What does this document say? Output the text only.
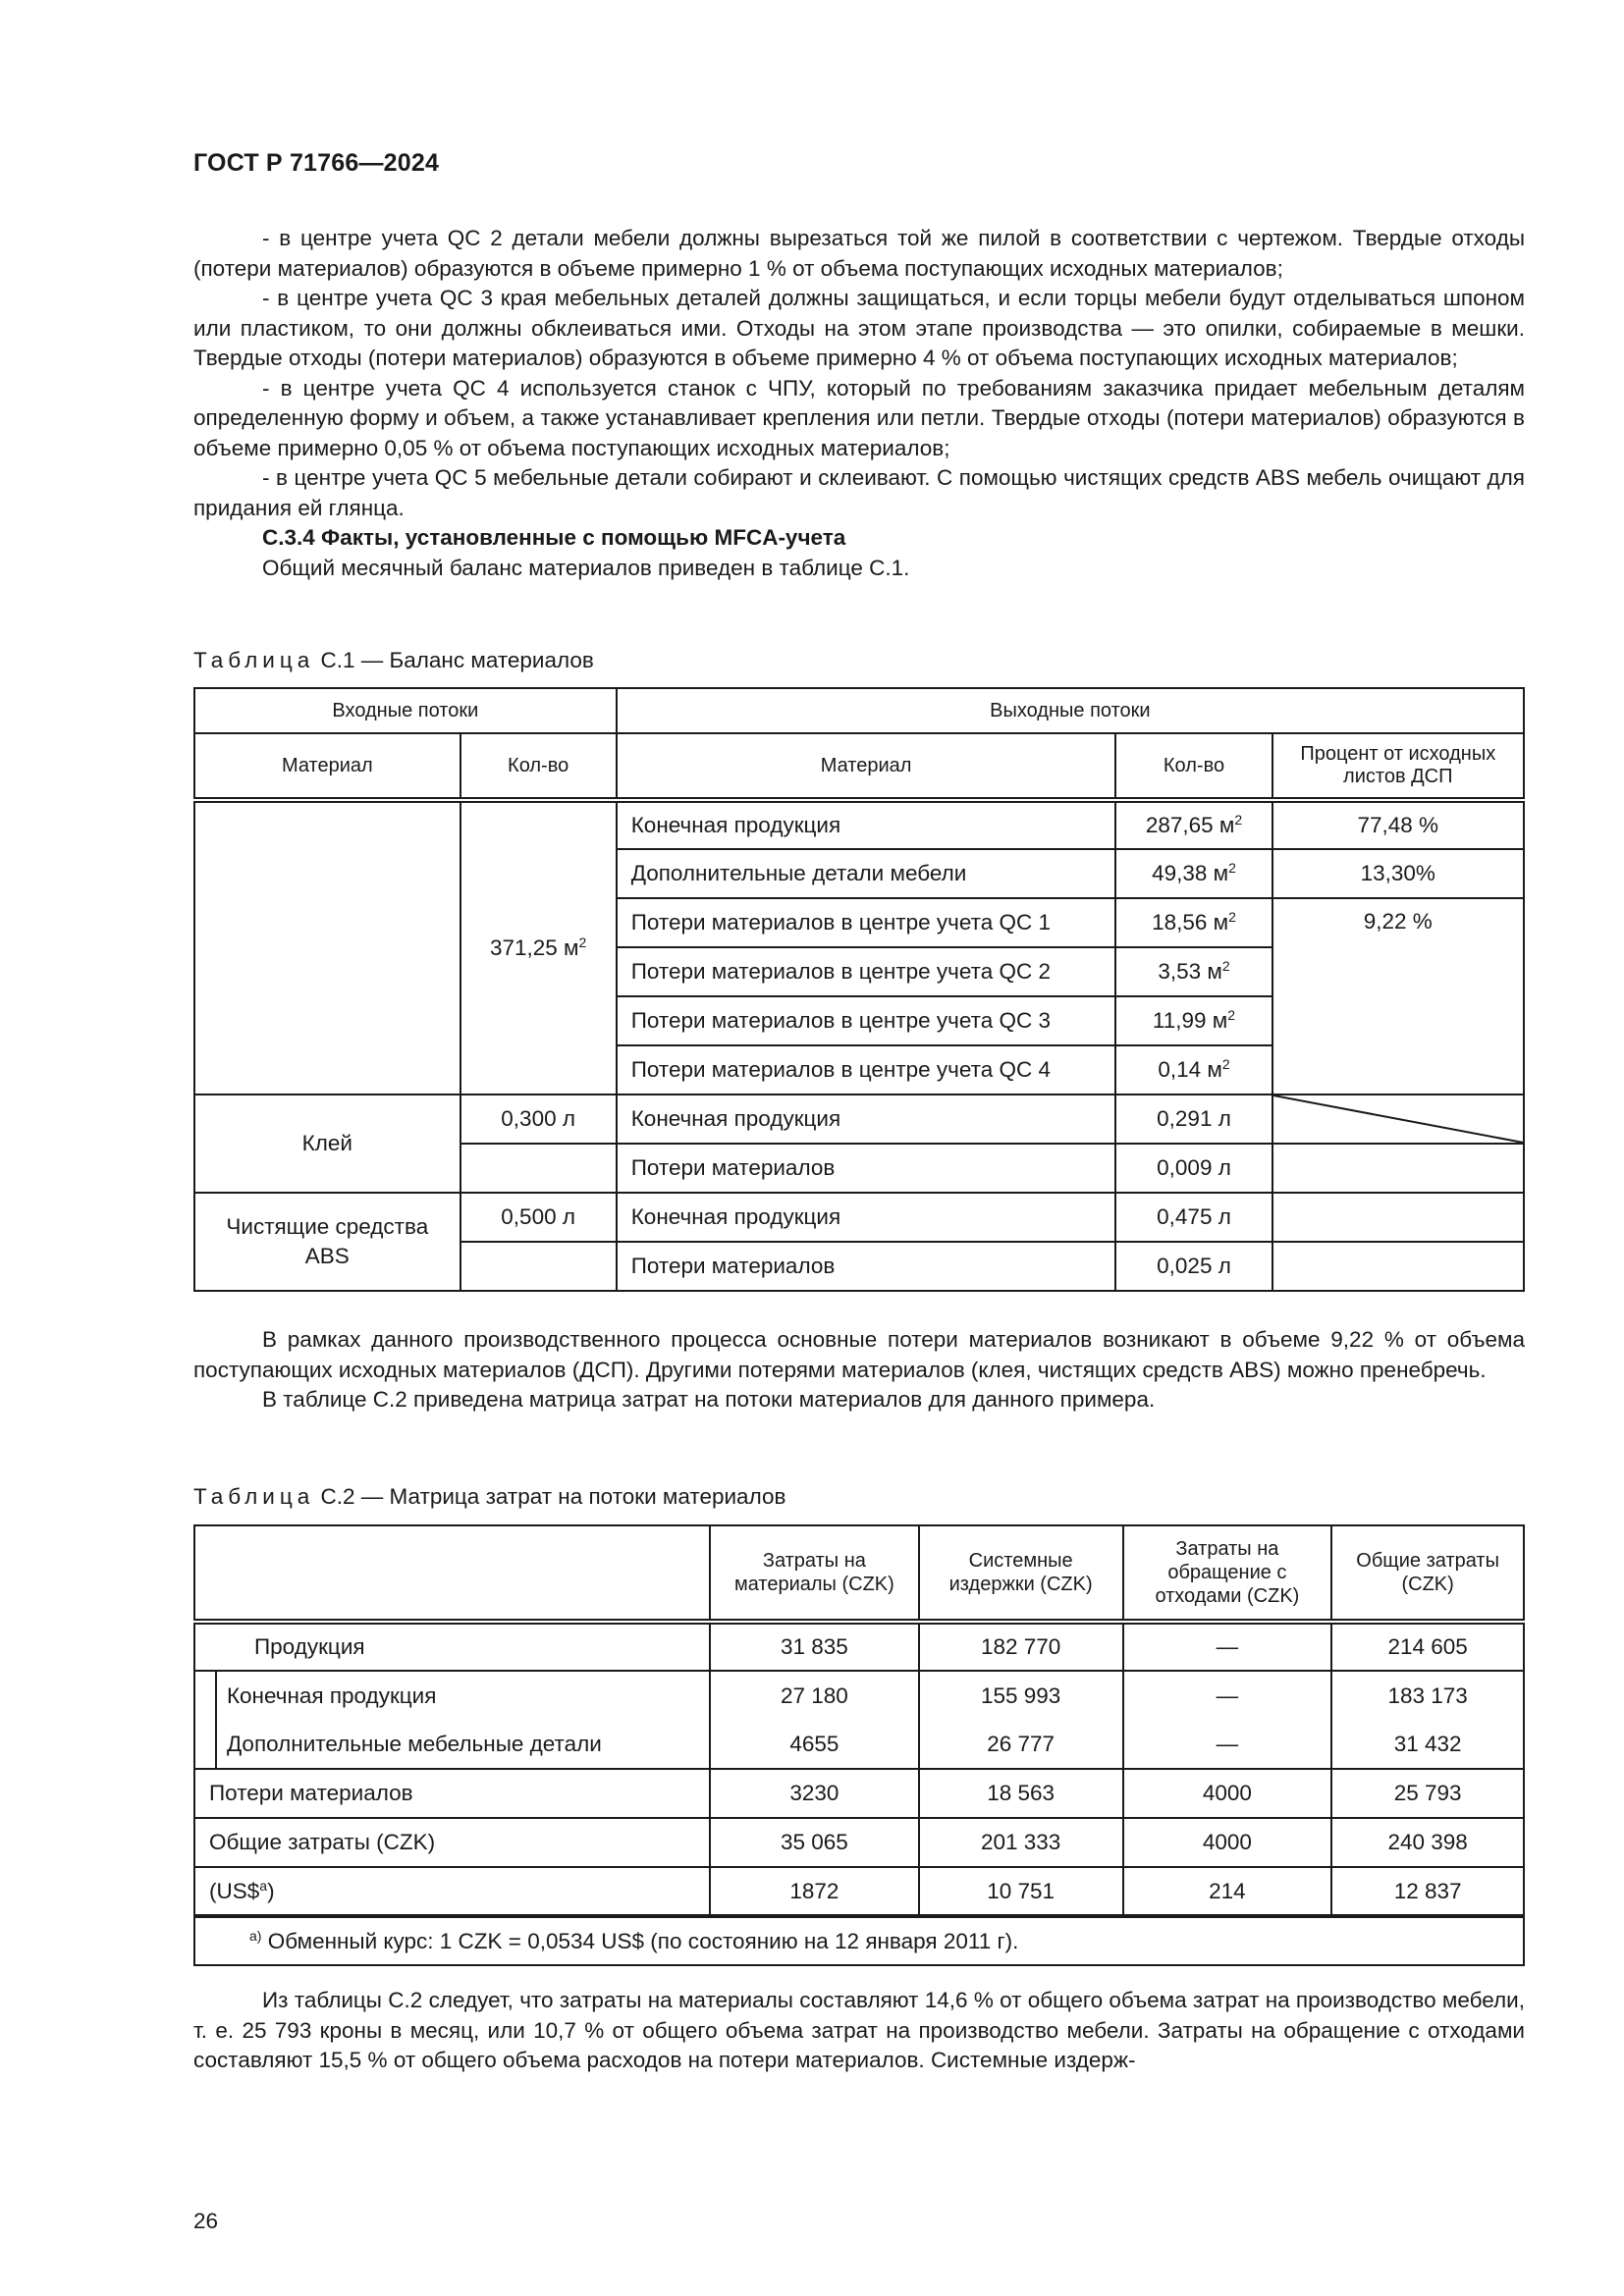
ГОСТ Р 71766—2024

- в центре учета QC 2 детали мебели должны вырезаться той же пилой в соответствии с чертежом. Твердые отходы (потери материалов) образуются в объеме примерно 1 % от объема поступающих исходных материалов;

- в центре учета QC 3 края мебельных деталей должны защищаться, и если торцы мебели будут отделываться шпоном или пластиком, то они должны обклеиваться ими. Отходы на этом этапе производства — это опилки, собираемые в мешки. Твердые отходы (потери материалов) образуются в объеме примерно 4 % от объема поступающих исходных материалов;

- в центре учета QC 4 используется станок с ЧПУ, который по требованиям заказчика придает мебельным деталям определенную форму и объем, а также устанавливает крепления или петли. Твердые отходы (потери материалов) образуются в объеме примерно 0,05 % от объема поступающих исходных материалов;

- в центре учета QC 5 мебельные детали собирают и склеивают. С помощью чистящих средств ABS мебель очищают для придания ей глянца.

С.3.4 Факты, установленные с помощью MFCA-учета

Общий месячный баланс материалов приведен в таблице С.1.

Таблица С.1 — Баланс материалов
Входные потоки		Выходные потоки		
Материал	Кол-во	Материал	Кол-во	Процент от исходных листов ДСП
	371,25 $м^2$	Конечная продукция	287,65 $м^2$	77,48 %
		Дополнительные детали мебели	49,38 $м^2$	13,30%
		Потери материалов в центре учета QC 1	18,56 $м^2$	9,22 %
		Потери материалов в центре учета QC 2	3,53 $м^2$
		Потери материалов в центре учета QC 3	11,99 $м^2$
		Потери материалов в центре учета QC 4	0,14 $м^2$
Клей	0,300 л	Конечная продукция	0,291 л	

		Потери материалов	0,009 л	
Чистящие средства ABS	0,500 л	Конечная продукция	0,475 л	
		Потери материалов	0,025 л	

В рамках данного производственного процесса основные потери материалов возникают в объеме 9,22 % от объема поступающих исходных материалов (ДСП). Другими потерями материалов (клея, чистящих средств ABS) можно пренебречь.

В таблице С.2 приведена матрица затрат на потоки материалов для данного примера.

Таблица С.2 — Матрица затрат на потоки материалов
		Затраты на материалы (CZK)	Системные издержки (CZK)	Затраты на обращение с отходами (CZK)	Общие затраты (CZK)
Продукция		31 835	182 770	—	214 605
	Конечная продукция	27 180	155 993	—	183 173
	Дополнительные мебельные детали	4655	26 777	—	31 432
Потери материалов		3230	18 563	4000	25 793
Общие затраты (CZK)		35 065	201 333	4000	240 398
(US\$$^a$)		1872	10 751	214	12 837
$^{a)}$ Обменный курс: 1 CZK = 0,0534 US$ (по состоянию на 12 января 2011 г).					

Из таблицы С.2 следует, что затраты на материалы составляют 14,6 % от общего объема затрат на производство мебели, т. е. 25 793 кроны в месяц, или 10,7 % от общего объема затрат на производство мебели. Затраты на обращение с отходами составляют 15,5 % от общего объема расходов на потери материалов. Системные издерж-

26
